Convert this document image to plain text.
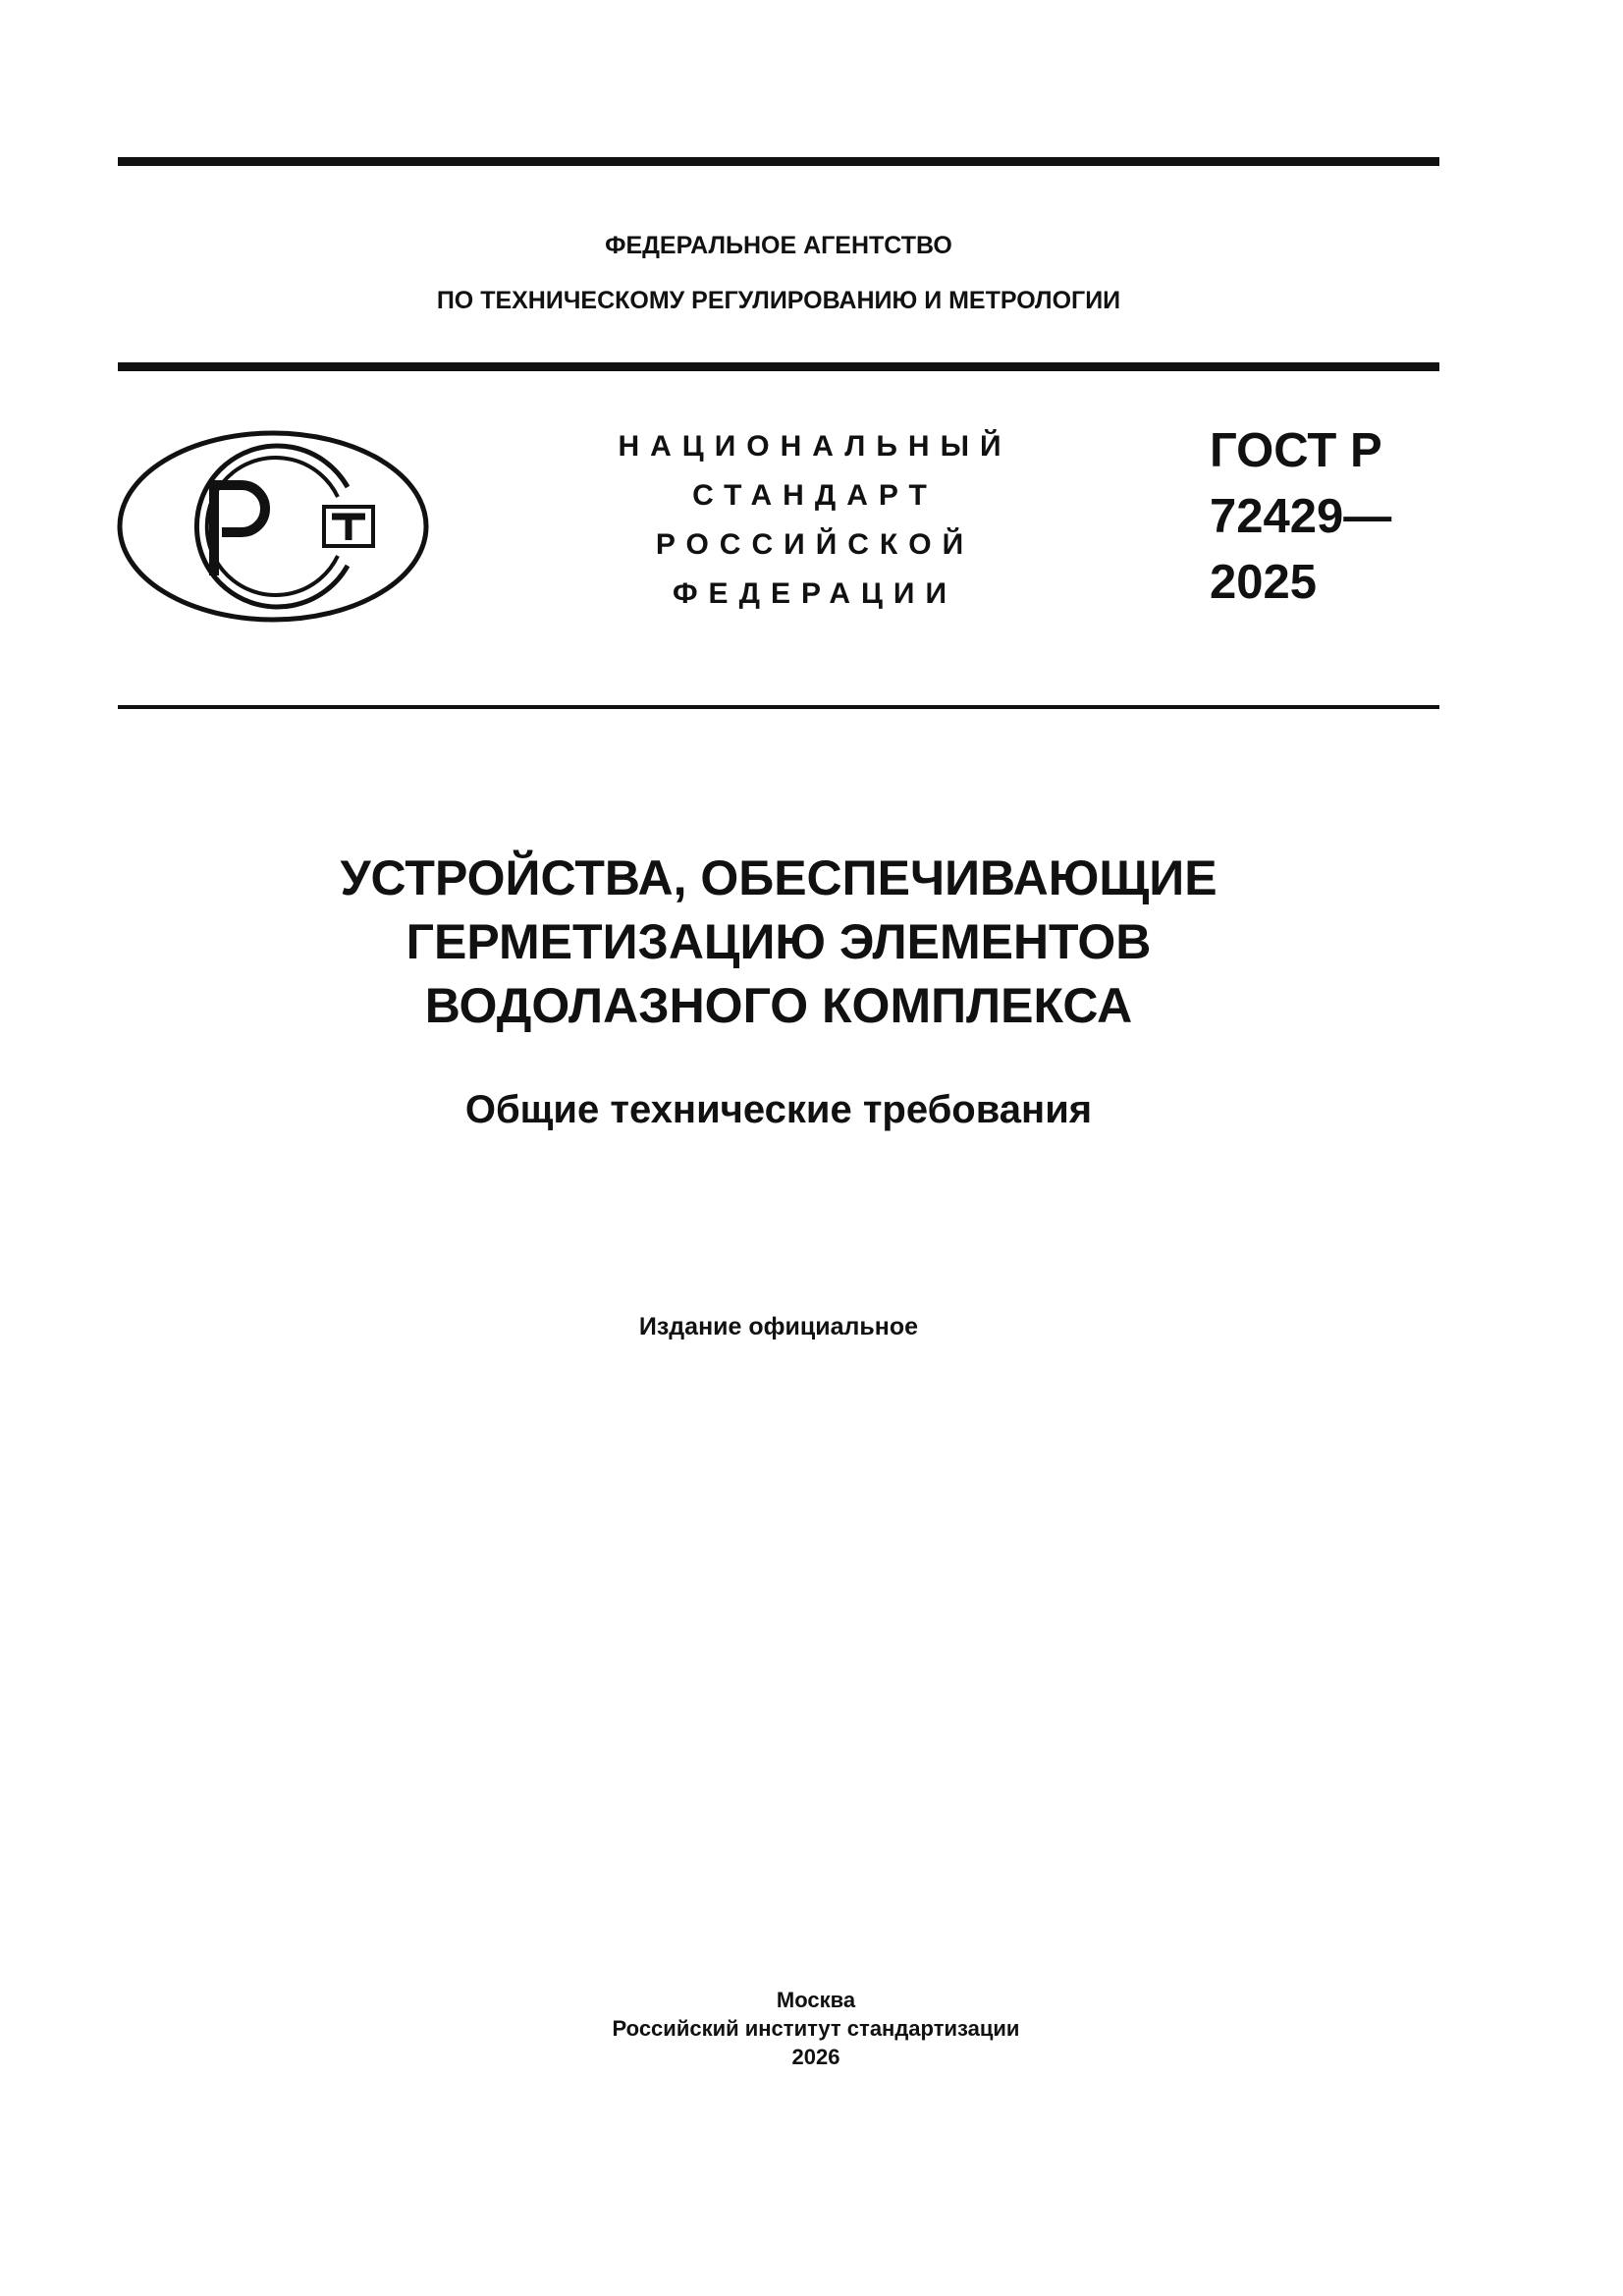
ФЕДЕРАЛЬНОЕ АГЕНТСТВО
ПО ТЕХНИЧЕСКОМУ РЕГУЛИРОВАНИЮ И МЕТРОЛОГИИ
НАЦИОНАЛЬНЫЙ
СТАНДАРТ
РОССИЙСКОЙ
ФЕДЕРАЦИИ
ГОСТ Р
72429—
2025
УСТРОЙСТВА, ОБЕСПЕЧИВАЮЩИЕ
ГЕРМЕТИЗАЦИЮ ЭЛЕМЕНТОВ
ВОДОЛАЗНОГО КОМПЛЕКСА
Общие технические требования
Издание официальное
Москва
Российский институт стандартизации
2026
